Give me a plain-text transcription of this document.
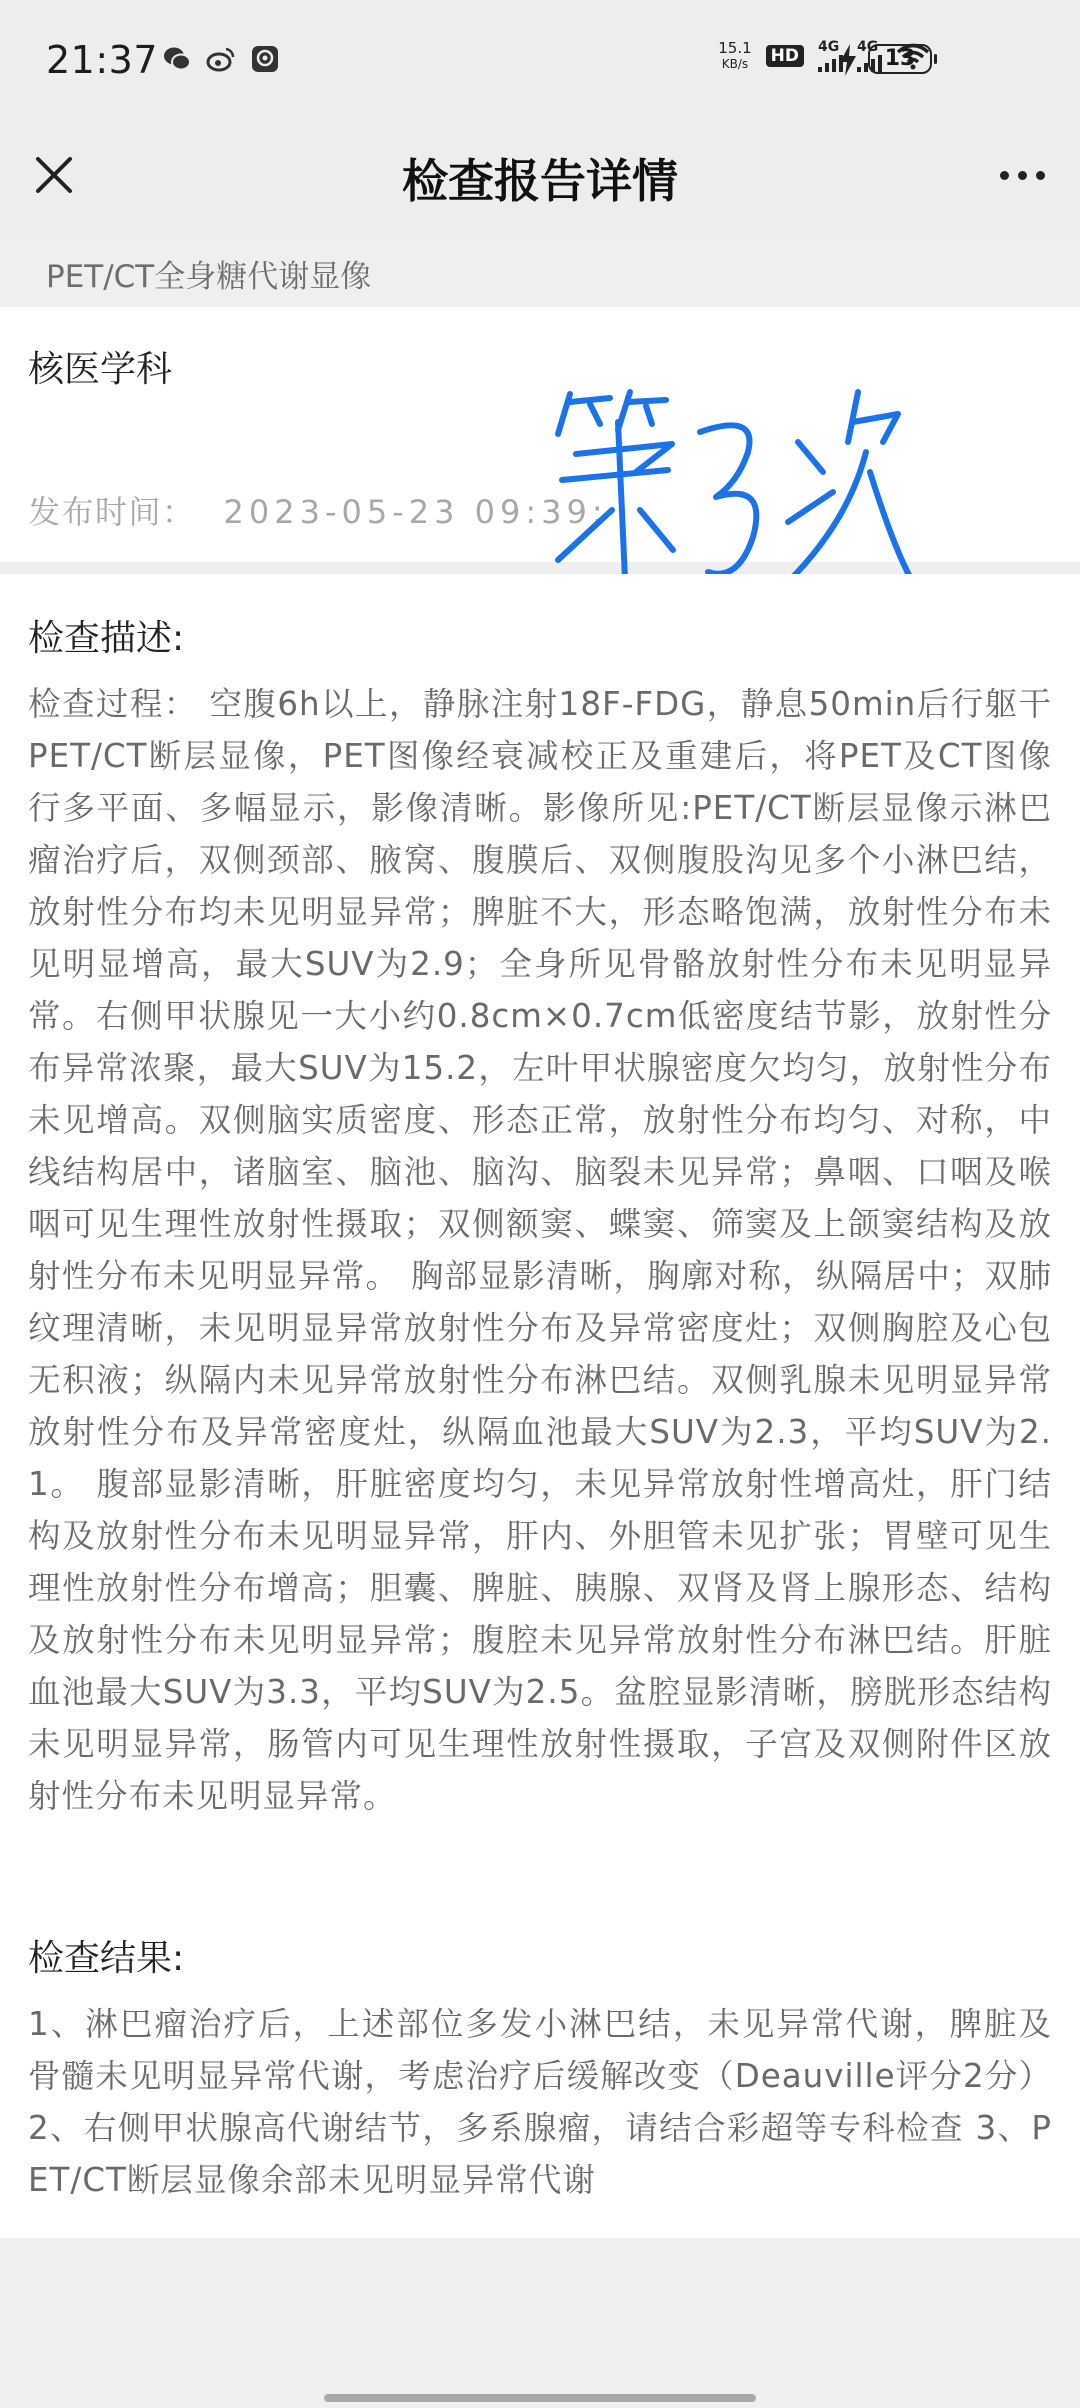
21:37	15.1
KB/s HD	4G 4G 13
检查报告详情
PET/CT全身糖代谢显像
核医学科
发布时间： 2023-05-23 09:39:
检查描述:
检查过程： 空腹6h以上，静脉注射18F-FDG，静息50min后行躯干PET/CT断层显像，PET图像经衰减校正及重建后，将PET及CT图像行多平面、多幅显示，影像清晰。影像所见:PET/CT断层显像示淋巴瘤治疗后，双侧颈部、腋窝、腹膜后、双侧腹股沟见多个小淋巴结，放射性分布均未见明显异常；脾脏不大，形态略饱满，放射性分布未见明显增高，最大SUV为2.9；全身所见骨骼放射性分布未见明显异常。右侧甲状腺见一大小约0.8cm×0.7cm低密度结节影，放射性分布异常浓聚，最大SUV为15.2，左叶甲状腺密度欠均匀，放射性分布未见增高。双侧脑实质密度、形态正常，放射性分布均匀、对称，中线结构居中，诸脑室、脑池、脑沟、脑裂未见异常；鼻咽、口咽及喉咽可见生理性放射性摄取；双侧额窦、蝶窦、筛窦及上颌窦结构及放射性分布未见明显异常。 胸部显影清晰，胸廓对称，纵隔居中；双肺纹理清晰，未见明显异常放射性分布及异常密度灶；双侧胸腔及心包无积液；纵隔内未见异常放射性分布淋巴结。双侧乳腺未见明显异常放射性分布及异常密度灶，纵隔血池最大SUV为2.3，平均SUV为2.1。 腹部显影清晰，肝脏密度均匀，未见异常放射性增高灶，肝门结构及放射性分布未见明显异常，肝内、外胆管未见扩张；胃壁可见生理性放射性分布增高；胆囊、脾脏、胰腺、双肾及肾上腺形态、结构及放射性分布未见明显异常；腹腔未见异常放射性分布淋巴结。肝脏血池最大SUV为3.3，平均SUV为2.5。盆腔显影清晰，膀胱形态结构未见明显异常，肠管内可见生理性放射性摄取，子宫及双侧附件区放射性分布未见明显异常。
检查结果:
1、淋巴瘤治疗后，上述部位多发小淋巴结，未见异常代谢，脾脏及骨髓未见明显异常代谢，考虑治疗后缓解改变（Deauville评分2分） 2、右侧甲状腺高代谢结节，多系腺瘤，请结合彩超等专科检查 3、PET/CT断层显像余部未见明显异常代谢
